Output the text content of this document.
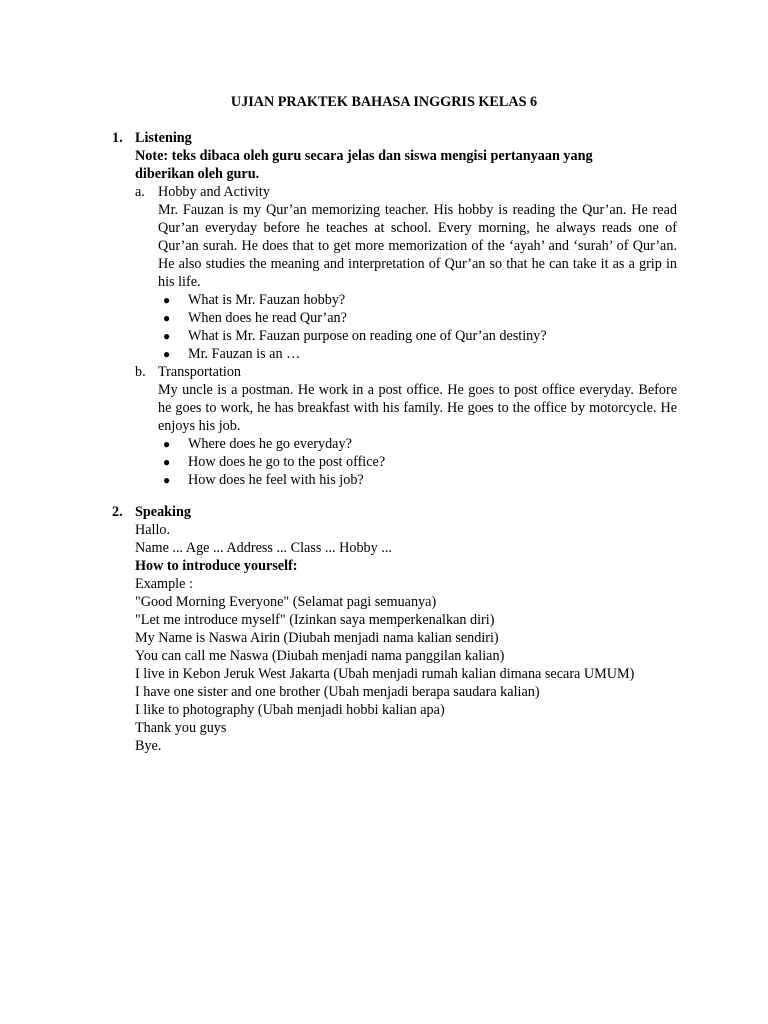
UJIAN PRAKTEK BAHASA INGGRIS KELAS 6
1. Listening
Note: teks dibaca oleh guru secara jelas dan siswa mengisi pertanyaan yang
diberikan oleh guru.
a. Hobby and Activity
Mr. Fauzan is my Qur’an memorizing teacher. His hobby is reading the Qur’an. He read Qur’an everyday before he teaches at school. Every morning, he always reads one of Qur’an surah. He does that to get more memorization of the ‘ayah’ and ‘surah’ of Qur’an. He also studies the meaning and interpretation of Qur’an so that he can take it as a grip in his life.
● What is Mr. Fauzan hobby?
● When does he read Qur’an?
● What is Mr. Fauzan purpose on reading one of Qur’an destiny?
● Mr. Fauzan is an …
b. Transportation
My uncle is a postman. He work in a post office. He goes to post office everyday. Before he goes to work, he has breakfast with his family. He goes to the office by motorcycle. He enjoys his job.
● Where does he go everyday?
● How does he go to the post office?
● How does he feel with his job?
2. Speaking
Hallo.
Name ... Age ... Address ... Class ... Hobby ...
How to introduce yourself:
Example :
"Good Morning Everyone" (Selamat pagi semuanya)
"Let me introduce myself" (Izinkan saya memperkenalkan diri)
My Name is Naswa Airin (Diubah menjadi nama kalian sendiri)
You can call me Naswa (Diubah menjadi nama panggilan kalian)
I live in Kebon Jeruk West Jakarta (Ubah menjadi rumah kalian dimana secara UMUM)
I have one sister and one brother (Ubah menjadi berapa saudara kalian)
I like to photography (Ubah menjadi hobbi kalian apa)
Thank you guys
Bye.
